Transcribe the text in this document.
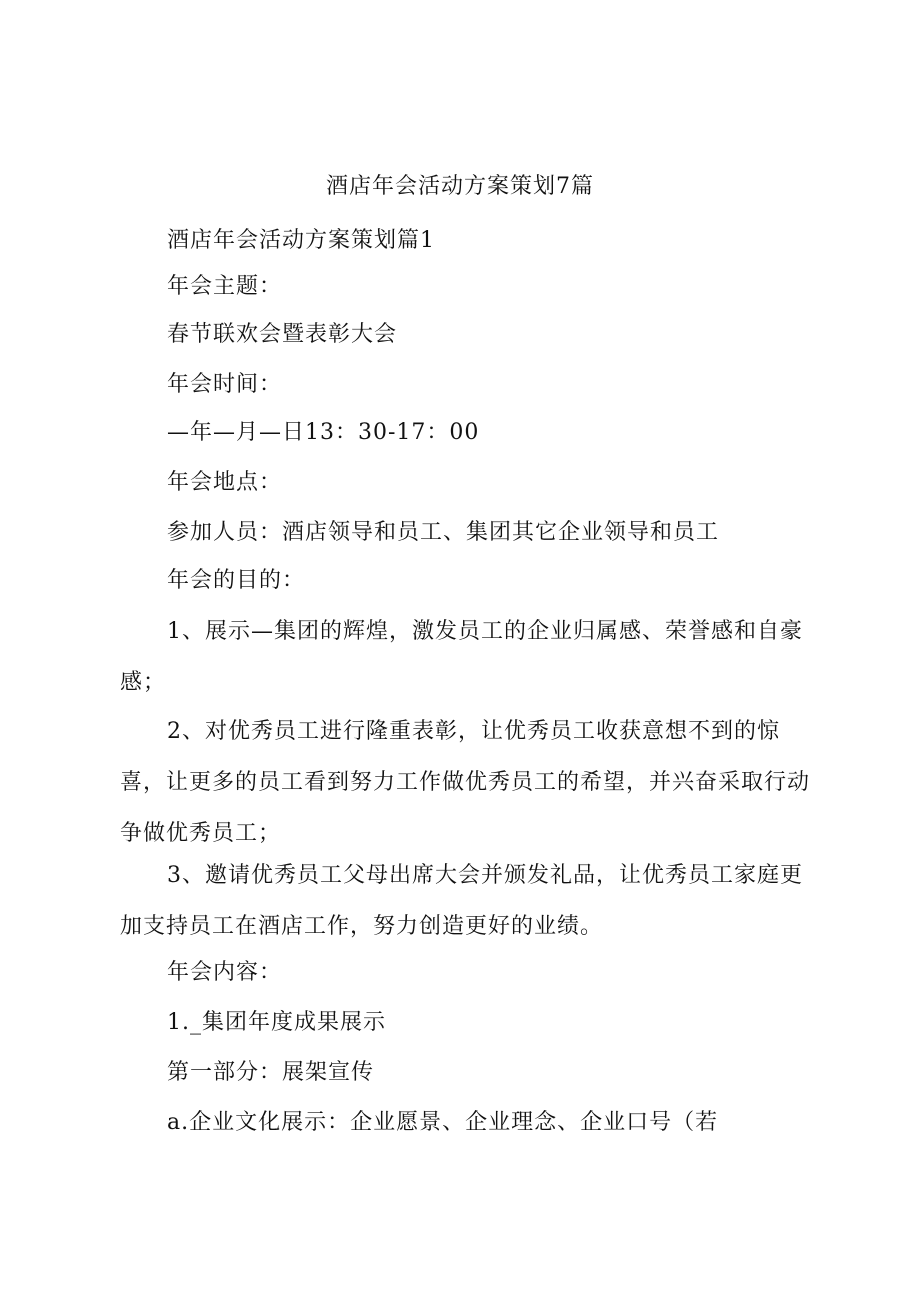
酒店年会活动方案策划7篇

酒店年会活动方案策划篇1

年会主题：

春节联欢会暨表彰大会

年会时间：

—年—月—日13：30-17：00

年会地点：

参加人员：酒店领导和员工、集团其它企业领导和员工

年会的目的：

1、展示—集团的辉煌，激发员工的企业归属感、荣誉感和自豪感；

2、对优秀员工进行隆重表彰，让优秀员工收获意想不到的惊喜，让更多的员工看到努力工作做优秀员工的希望，并兴奋采取行动争做优秀员工；

3、邀请优秀员工父母出席大会并颁发礼品，让优秀员工家庭更加支持员工在酒店工作，努力创造更好的业绩。

年会内容：

1._集团年度成果展示

第一部分：展架宣传

a.企业文化展示：企业愿景、企业理念、企业口号（若
